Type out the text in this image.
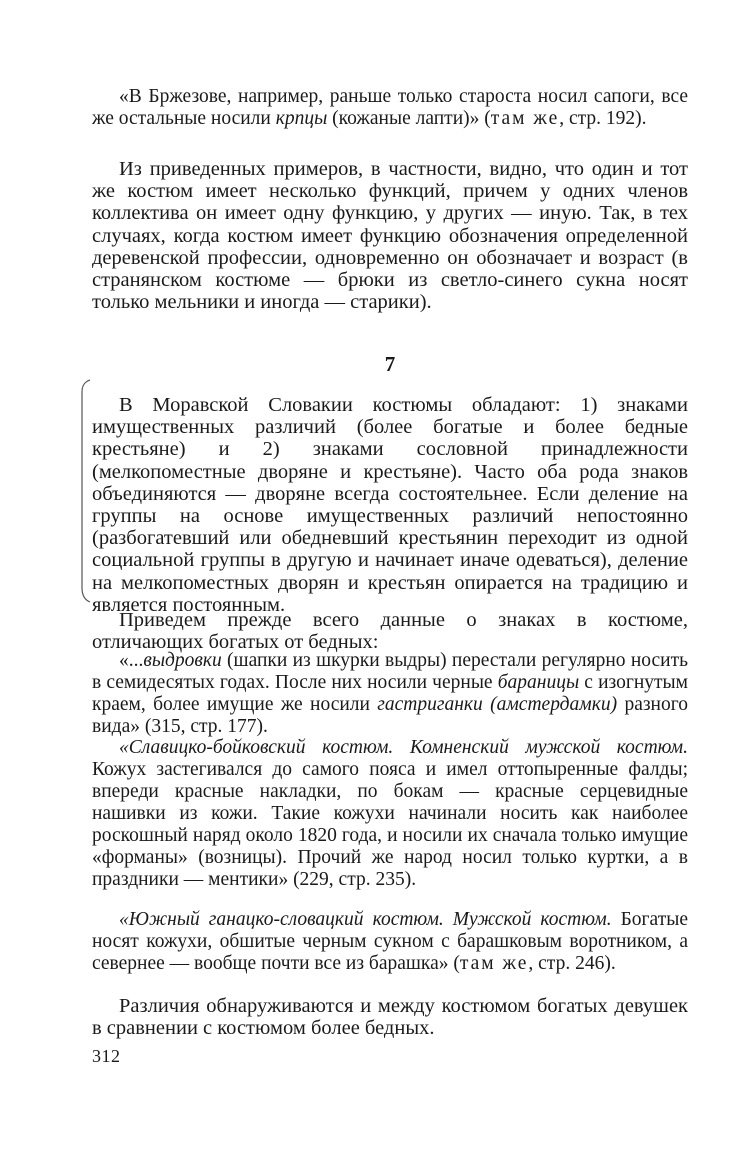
«В Бржезове, например, раньше только староста носил сапоги, все же остальные носили крпцы (кожаные лапти)» (там же, стр. 192).

Из приведенных примеров, в частности, видно, что один и тот же костюм имеет несколько функций, причем у одних членов коллектива он имеет одну функцию, у других — иную. Так, в тех случаях, когда костюм имеет функцию обозначения определенной деревенской профессии, одновременно он обозначает и возраст (в странянском костюме — брюки из светло-синего сукна носят только мельники и иногда — старики).

7

В Моравской Словакии костюмы обладают: 1) знаками имущественных различий (более богатые и более бедные крестьяне) и 2) знаками сословной принадлежности (мелкопоместные дворяне и крестьяне). Часто оба рода знаков объединяются — дворяне всегда состоятельнее. Если деление на группы на основе имущественных различий непостоянно (разбогатевший или обедневший крестьянин переходит из одной социальной группы в другую и начинает иначе одеваться), деление на мелкопоместных дворян и крестьян опирается на традицию и является постоянным.

Приведем прежде всего данные о знаках в костюме, отличающих богатых от бедных:

«...выдровки (шапки из шкурки выдры) перестали регулярно носить в семидесятых годах. После них носили черные бараницы с изогнутым краем, более имущие же носили гастриганки (амстердамки) разного вида» (315, стр. 177).

«Славицко-бойковский костюм. Комненский мужской костюм. Кожух застегивался до самого пояса и имел оттопыренные фалды; впереди красные накладки, по бокам — красные серцевидные нашивки из кожи. Такие кожухи начинали носить как наиболее роскошный наряд около 1820 года, и носили их сначала только имущие «форманы» (возницы). Прочий же народ носил только куртки, а в праздники — ментики» (229, стр. 235).

«Южный ганацко-словацкий костюм. Мужской костюм. Богатые носят кожухи, обшитые черным сукном с барашковым воротником, а севернее — вообще почти все из барашка» (там же, стр. 246).

Различия обнаруживаются и между костюмом богатых девушек в сравнении с костюмом более бедных.

312
